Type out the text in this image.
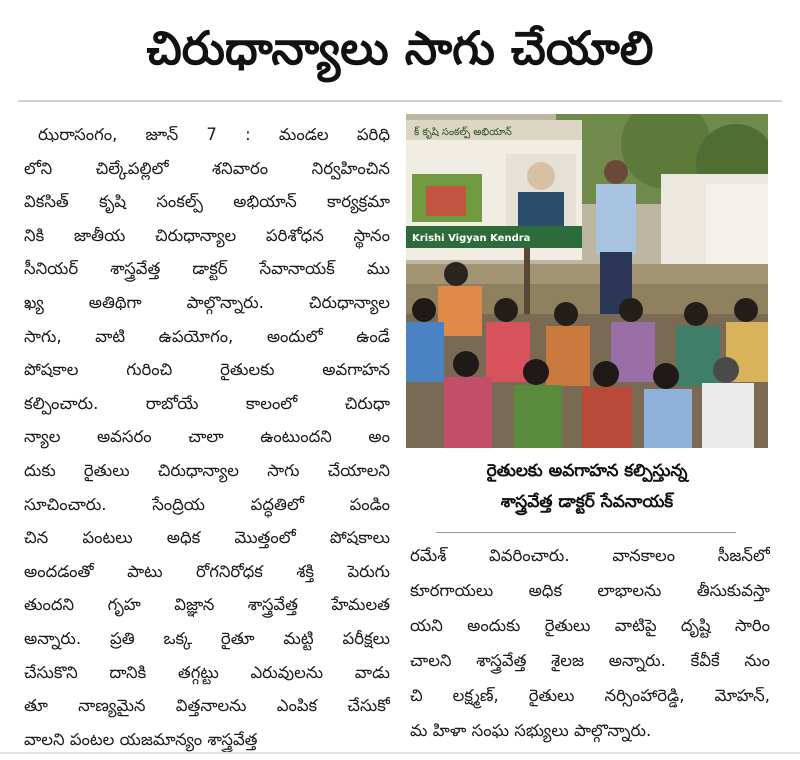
చిరుధాన్యాలు సాగు చేయాలి
ఝరాసంగం, జూన్ 7 : మండల పరిధి
లోని చిల్కేపల్లిలో శనివారం నిర్వహించిన
వికసిత్ కృషి సంకల్ప్ అభియాన్ కార్యక్రమా
నికి జాతీయ చిరుధాన్యాల పరిశోధన స్థానం
సీనియర్ శాస్త్రవేత్త డాక్టర్ సేవానాయక్ ము
ఖ్య అతిథిగా పాల్గొన్నారు. చిరుధాన్యాల
సాగు, వాటి ఉపయోగం, అందులో ఉండే
పోషకాల గురించి రైతులకు అవగాహన
కల్పించారు. రాబోయే కాలంలో చిరుధా
న్యాల అవసరం చాలా ఉంటుందని అం
దుకు రైతులు చిరుధాన్యాల సాగు చేయాలని
సూచించారు. సేంద్రియ పద్ధతిలో పండిం
చిన పంటలు అధిక మొత్తంలో పోషకాలు
అందడంతో పాటు రోగనిరోధక శక్తి పెరుగు
తుందని గృహ విజ్ఞాన శాస్త్రవేత్త హేమలత
అన్నారు. ప్రతి ఒక్క రైతూ మట్టి పరీక్షలు
చేసుకొని దానికి తగ్గట్టు ఎరువులను వాడు
తూ నాణ్యమైన విత్తనాలను ఎంపిక చేసుకో
వాలని పంటల యజమాన్యం శాస్త్రవేత్త
క్ కృషి సంకల్ప్ అభియాన్
Krishi Vigyan Kendra
రైతులకు అవగాహన కల్పిస్తున్న
శాస్త్రవేత్త డాక్టర్ సేవనాయక్
రమేశ్ వివరించారు. వానకాలం సీజన్‌లో
కూరగాయలు అధిక లాభాలను తీసుకువస్తా
యని అందుకు రైతులు వాటిపై దృష్టి సారిం
చాలని శాస్త్రవేత్త శైలజ అన్నారు. కేవీకే నుం
చి లక్ష్మణ్, రైతులు నర్సింహారెడ్డి, మోహన్,
మ హిళా సంఘ సభ్యులు పాల్గొన్నారు.
